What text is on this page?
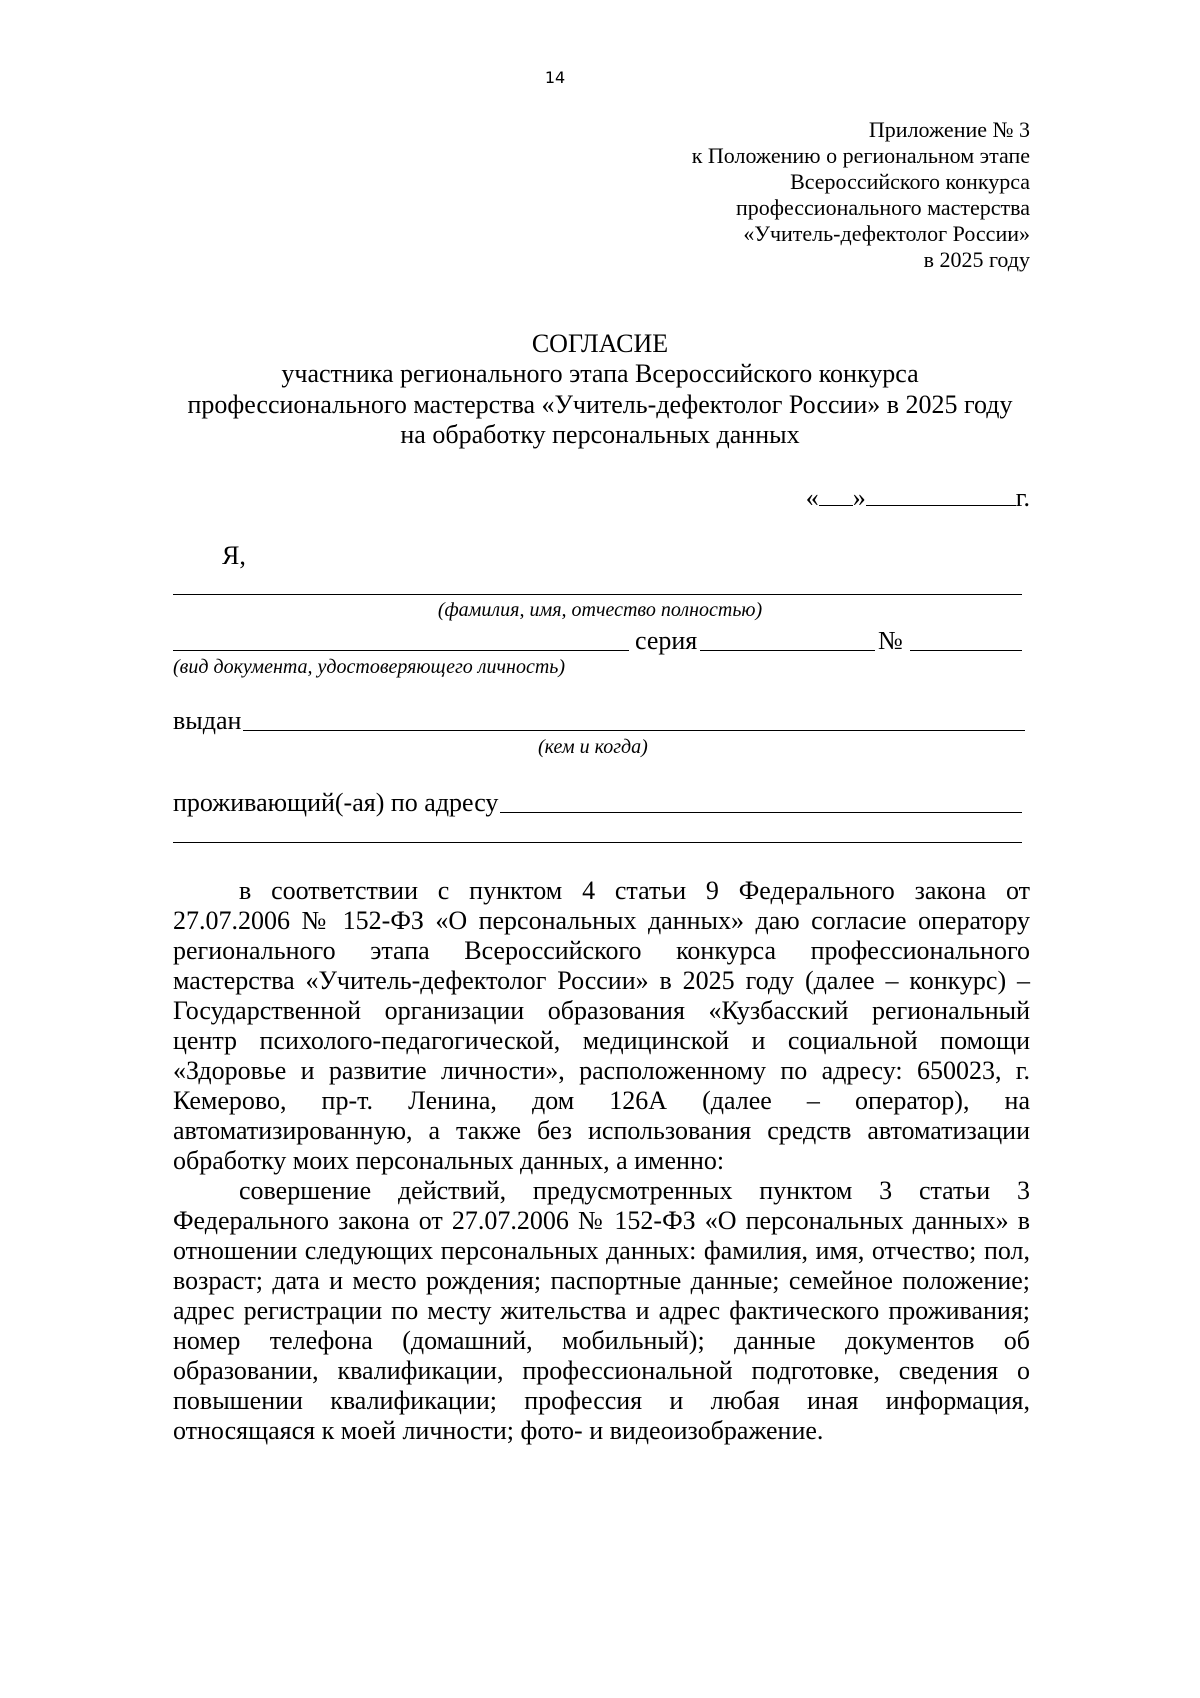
14
Приложение № 3
к Положению о региональном этапе
Всероссийского конкурса
профессионального мастерства
«Учитель-дефектолог России»
в 2025 году
СОГЛАСИЕ
участника регионального этапа Всероссийского конкурса
профессионального мастерства «Учитель-дефектолог России» в 2025 году
на обработку персональных данных
« »	г.
Я,
(фамилия, имя, отчество полностью)
серия	№
(вид документа, удостоверяющего личность)
выдан
(кем и когда)
проживающий(-ая) по адресу

в соответствии с пунктом 4 статьи 9 Федерального закона от 27.07.2006 № 152-ФЗ «О персональных данных» даю согласие оператору регионального этапа Всероссийского конкурса профессионального мастерства «Учитель-дефектолог России» в 2025 году (далее – конкурс) – Государственной организации образования «Кузбасский региональный центр психолого-педагогической, медицинской и социальной помощи «Здоровье и развитие личности», расположенному по адресу: 650023, г. Кемерово, пр-т. Ленина, дом 126А (далее – оператор), на автоматизированную, а также без использования средств автоматизации обработку моих персональных данных, а именно:

совершение действий, предусмотренных пунктом 3 статьи 3 Федерального закона от 27.07.2006 № 152-ФЗ «О персональных данных» в отношении следующих персональных данных: фамилия, имя, отчество; пол, возраст; дата и место рождения; паспортные данные; семейное положение; адрес регистрации по месту жительства и адрес фактического проживания; номер телефона (домашний, мобильный); данные документов об образовании, квалификации, профессиональной подготовке, сведения о повышении квалификации; профессия и любая иная информация, относящаяся к моей личности; фото- и видеоизображение.
